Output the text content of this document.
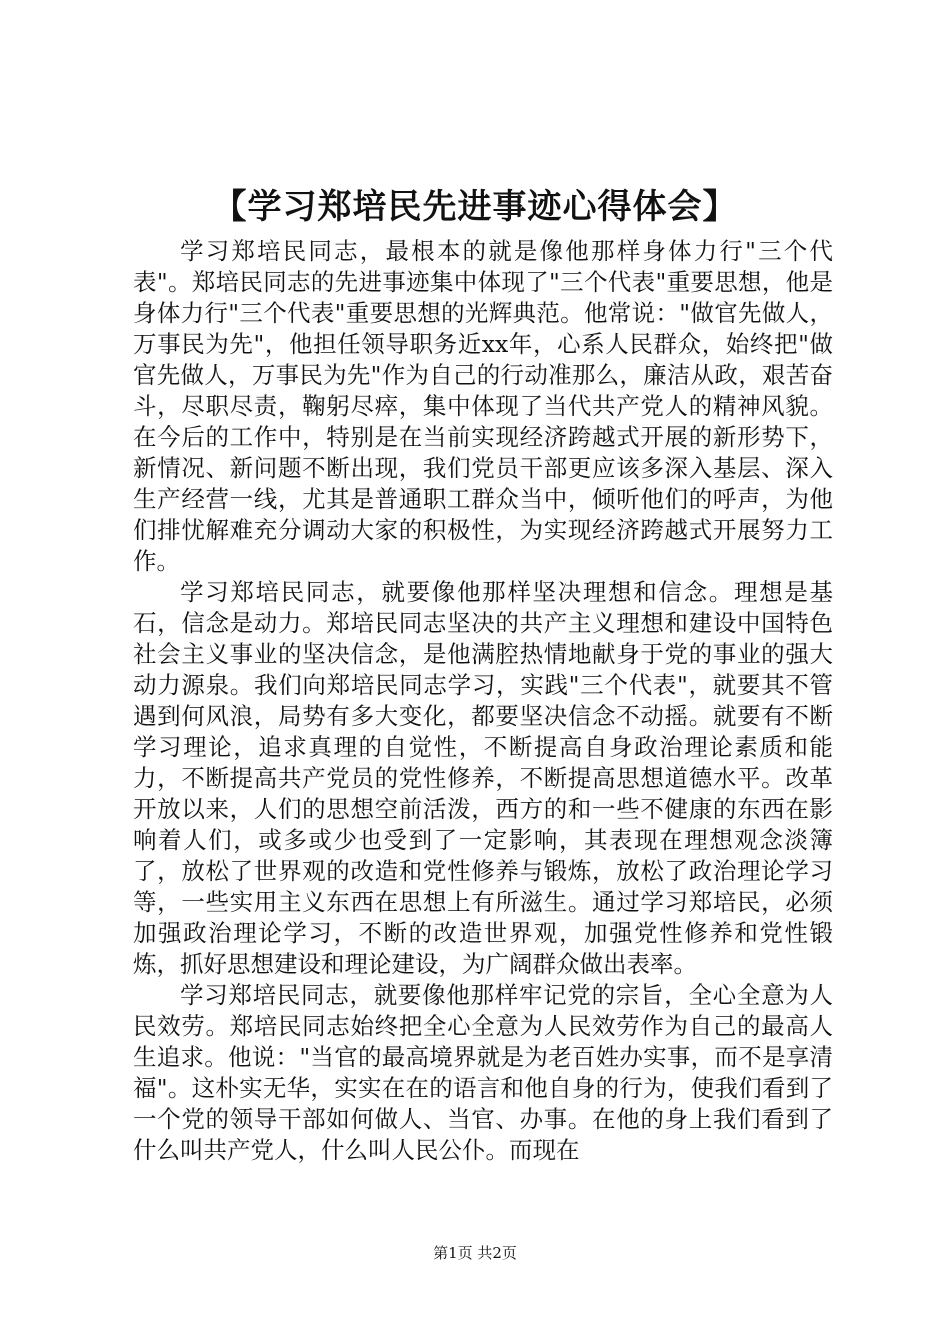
【学习郑培民先进事迹心得体会】

学习郑培民同志，最根本的就是像他那样身体力行"三个代表"。郑培民同志的先进事迹集中体现了"三个代表"重要思想，他是身体力行"三个代表"重要思想的光辉典范。他常说："做官先做人，万事民为先"，他担任领导职务近xx年，心系人民群众，始终把"做官先做人，万事民为先"作为自己的行动准那么，廉洁从政，艰苦奋斗，尽职尽责，鞠躬尽瘁，集中体现了当代共产党人的精神风貌。在今后的工作中，特别是在当前实现经济跨越式开展的新形势下，新情况、新问题不断出现，我们党员干部更应该多深入基层、深入生产经营一线，尤其是普通职工群众当中，倾听他们的呼声，为他们排忧解难充分调动大家的积极性，为实现经济跨越式开展努力工作。

学习郑培民同志，就要像他那样坚决理想和信念。理想是基石，信念是动力。郑培民同志坚决的共产主义理想和建设中国特色社会主义事业的坚决信念，是他满腔热情地献身于党的事业的强大动力源泉。我们向郑培民同志学习，实践"三个代表"，就要其不管遇到何风浪，局势有多大变化，都要坚决信念不动摇。就要有不断学习理论，追求真理的自觉性，不断提高自身政治理论素质和能力，不断提高共产党员的党性修养，不断提高思想道德水平。改革开放以来，人们的思想空前活泼，西方的和一些不健康的东西在影响着人们，或多或少也受到了一定影响，其表现在理想观念淡簿了，放松了世界观的改造和党性修养与锻炼，放松了政治理论学习等，一些实用主义东西在思想上有所滋生。通过学习郑培民，必须加强政治理论学习，不断的改造世界观，加强党性修养和党性锻炼，抓好思想建设和理论建设，为广阔群众做出表率。

学习郑培民同志，就要像他那样牢记党的宗旨，全心全意为人民效劳。郑培民同志始终把全心全意为人民效劳作为自己的最高人生追求。他说："当官的最高境界就是为老百姓办实事，而不是享清福"。这朴实无华，实实在在的语言和他自身的行为，使我们看到了一个党的领导干部如何做人、当官、办事。在他的身上我们看到了什么叫共产党人，什么叫人民公仆。而现在

第1页 共2页
